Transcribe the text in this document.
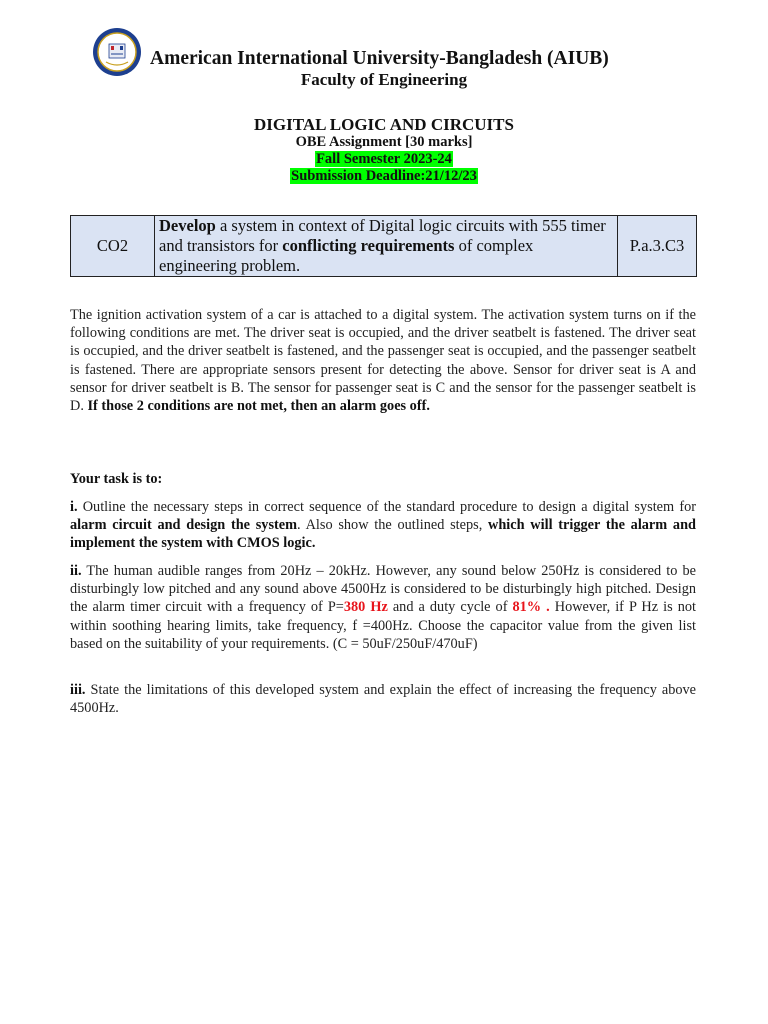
American International University-Bangladesh (AIUB)
Faculty of Engineering
DIGITAL LOGIC AND CIRCUITS
OBE Assignment [30 marks]
Fall Semester 2023-24
Submission Deadline:21/12/23
CO2	Develop a system in context of Digital logic circuits with 555 timer and transistors for conflicting requirements of complex engineering problem.	P.a.3.C3
The ignition activation system of a car is attached to a digital system. The activation system turns on if the following conditions are met. The driver seat is occupied, and the driver seatbelt is fastened. The driver seat is occupied, and the driver seatbelt is fastened, and the passenger seat is occupied, and the passenger seatbelt is fastened. There are appropriate sensors present for detecting the above. Sensor for driver seat is A and sensor for driver seatbelt is B. The sensor for passenger seat is C and the sensor for the passenger seatbelt is D. If those 2 conditions are not met, then an alarm goes off.
Your task is to:
i. Outline the necessary steps in correct sequence of the standard procedure to design a digital system for alarm circuit and design the system. Also show the outlined steps, which will trigger the alarm and implement the system with CMOS logic.
ii. The human audible ranges from 20Hz – 20kHz. However, any sound below 250Hz is considered to be disturbingly low pitched and any sound above 4500Hz is considered to be disturbingly high pitched. Design the alarm timer circuit with a frequency of P=380 Hz and a duty cycle of 81% . However, if P Hz is not within soothing hearing limits, take frequency, f =400Hz. Choose the capacitor value from the given list based on the suitability of your requirements. (C = 50uF/250uF/470uF)
iii. State the limitations of this developed system and explain the effect of increasing the frequency above 4500Hz.
